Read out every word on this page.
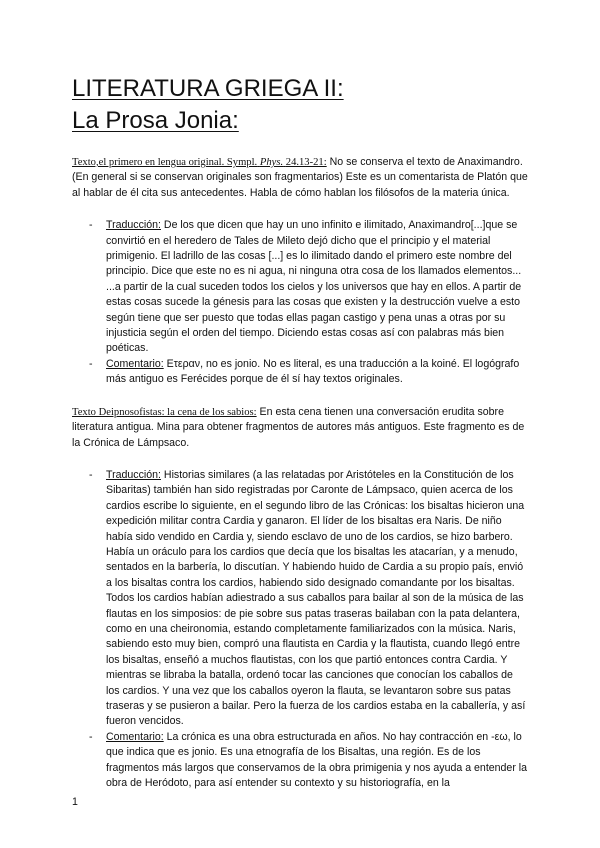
LITERATURA GRIEGA II:
La Prosa Jonia:

Texto,el primero en lengua original. Sympl. Phys. 24.13-21: No se conserva el texto de Anaximandro. (En general si se conservan originales son fragmentarios) Este es un comentarista de Platón que al hablar de él cita sus antecedentes. Habla de cómo hablan los filósofos de la materia única.

- Traducción: De los que dicen que hay un uno infinito e ilimitado, Anaximandro[...]que se convirtió en el heredero de Tales de Mileto dejó dicho que el principio y el material primigenio. El ladrillo de las cosas [...] es lo ilimitado dando el primero este nombre del principio. Dice que este no es ni agua, ni ninguna otra cosa de los llamados elementos... ...a partir de la cual suceden todos los cielos y los universos que hay en ellos. A partir de estas cosas sucede la génesis para las cosas que existen y la destrucción vuelve a esto según tiene que ser puesto que todas ellas pagan castigo y pena unas a otras por su injusticia según el orden del tiempo. Diciendo estas cosas así con palabras más bien poéticas.
- Comentario: Ετεραν, no es jonio. No es literal, es una traducción a la koiné. El logógrafo más antiguo es Ferécides porque de él sí hay textos originales.

Texto Deipnosofistas: la cena de los sabios: En esta cena tienen una conversación erudita sobre literatura antigua. Mina para obtener fragmentos de autores más antiguos. Este fragmento es de la Crónica de Lámpsaco.

- Traducción: Historias similares (a las relatadas por Aristóteles en la Constitución de los Sibaritas) también han sido registradas por Caronte de Lámpsaco, quien acerca de los cardios escribe lo siguiente, en el segundo libro de las Crónicas: los bisaltas hicieron una expedición militar contra Cardia y ganaron. El líder de los bisaltas era Naris. De niño había sido vendido en Cardia y, siendo esclavo de uno de los cardios, se hizo barbero. Había un oráculo para los cardios que decía que los bisaltas les atacarían, y a menudo, sentados en la barbería, lo discutían. Y habiendo huido de Cardia a su propio país, envió a los bisaltas contra los cardios, habiendo sido designado comandante por los bisaltas. Todos los cardios habían adiestrado a sus caballos para bailar al son de la música de las flautas en los simposios: de pie sobre sus patas traseras bailaban con la pata delantera, como en una cheironomia, estando completamente familiarizados con la música. Naris, sabiendo esto muy bien, compró una flautista en Cardia y la flautista, cuando llegó entre los bisaltas, enseñó a muchos flautistas, con los que partió entonces contra Cardia. Y mientras se libraba la batalla, ordenó tocar las canciones que conocían los caballos de los cardios. Y una vez que los caballos oyeron la flauta, se levantaron sobre sus patas traseras y se pusieron a bailar. Pero la fuerza de los cardios estaba en la caballería, y así fueron vencidos.
- Comentario: La crónica es una obra estructurada en años. No hay contracción en -εω, lo que indica que es jonio. Es una etnografía de los Bisaltas, una región. Es de los fragmentos más largos que conservamos de la obra primigenia y nos ayuda a entender la obra de Heródoto, para así entender su contexto y su historiografía, en la
1
